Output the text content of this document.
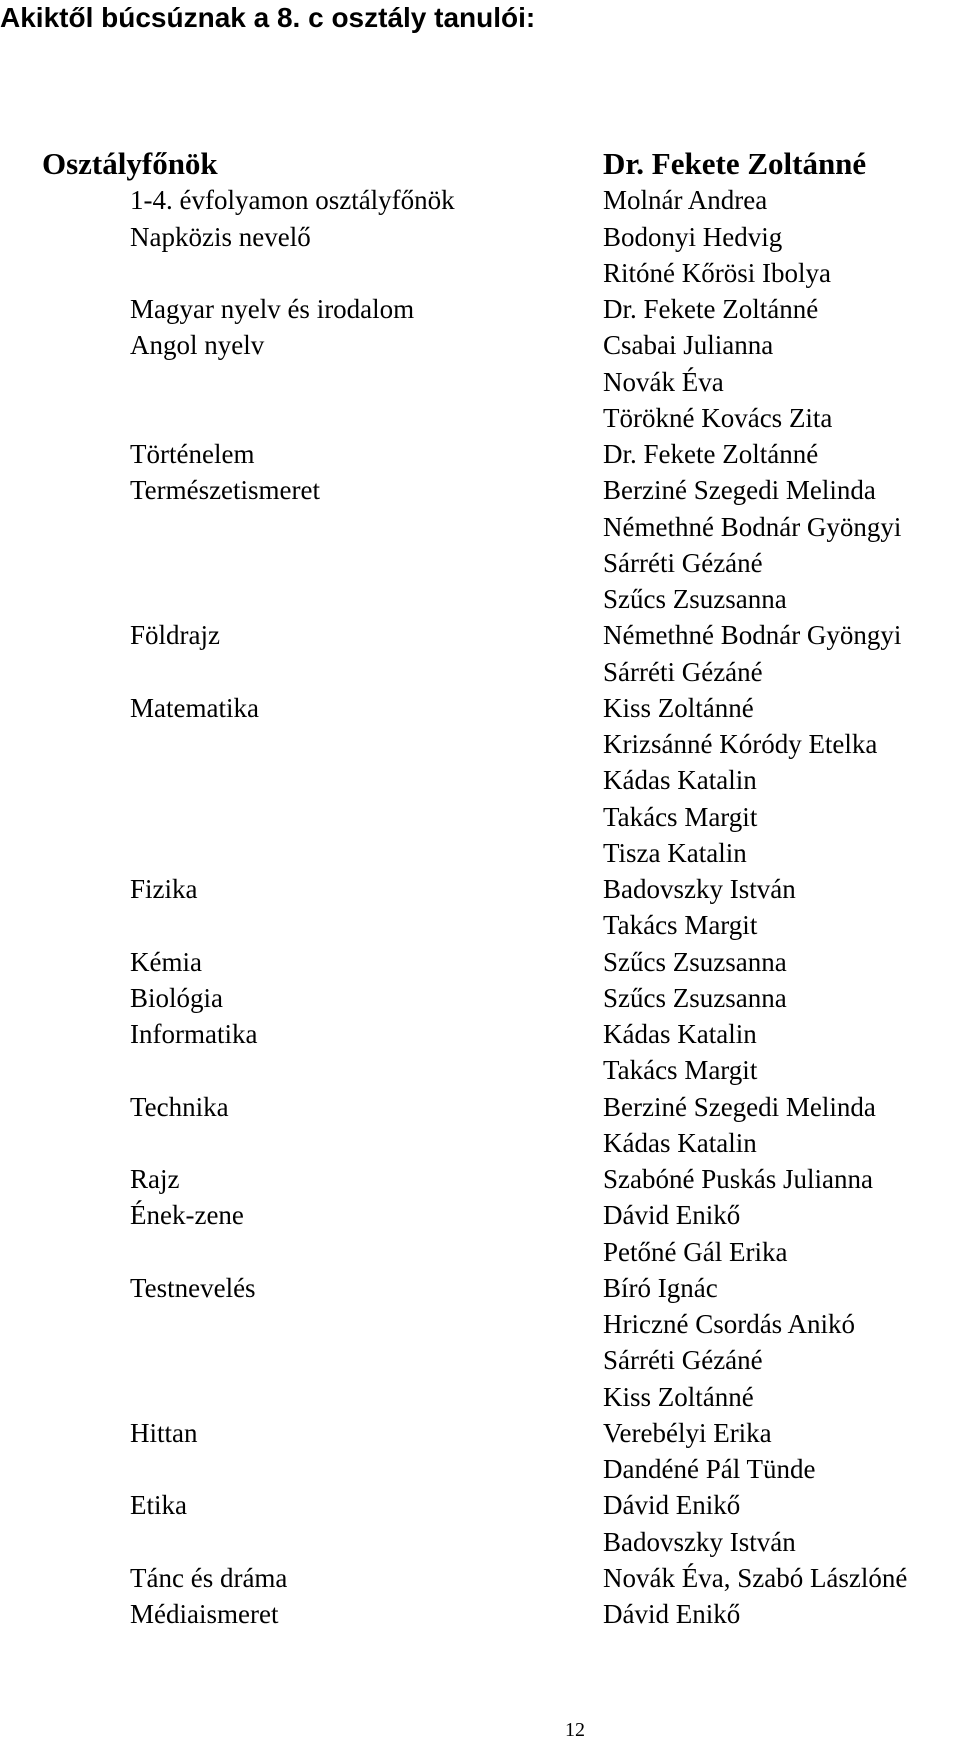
Akiktől búcsúznak a 8. c osztály tanulói:
Osztályfőnök	Dr. Fekete Zoltánné
1-4. évfolyamon osztályfőnök	Molnár Andrea
Napközis nevelő	Bodonyi Hedvig
Ritóné Kőrösi Ibolya
Magyar nyelv és irodalom	Dr. Fekete Zoltánné
Angol nyelv	Csabai Julianna
Novák Éva
Törökné Kovács Zita
Történelem	Dr. Fekete Zoltánné
Természetismeret	Berziné Szegedi Melinda
Némethné Bodnár Gyöngyi
Sárréti Gézáné
Szűcs Zsuzsanna
Földrajz	Némethné Bodnár Gyöngyi
Sárréti Gézáné
Matematika	Kiss Zoltánné
Krizsánné Kóródy Etelka
Kádas Katalin
Takács Margit
Tisza Katalin
Fizika	Badovszky István
Takács Margit
Kémia	Szűcs Zsuzsanna
Biológia	Szűcs Zsuzsanna
Informatika	Kádas Katalin
Takács Margit
Technika	Berziné Szegedi Melinda
Kádas Katalin
Rajz	Szabóné Puskás Julianna
Ének-zene	Dávid Enikő
Petőné Gál Erika
Testnevelés	Bíró Ignác
Hriczné Csordás Anikó
Sárréti Gézáné
Kiss Zoltánné
Hittan	Verebélyi Erika
Dandéné Pál Tünde
Etika	Dávid Enikő
Badovszky István
Tánc és dráma	Novák Éva, Szabó Lászlóné
Médiaismeret	Dávid Enikő
12
